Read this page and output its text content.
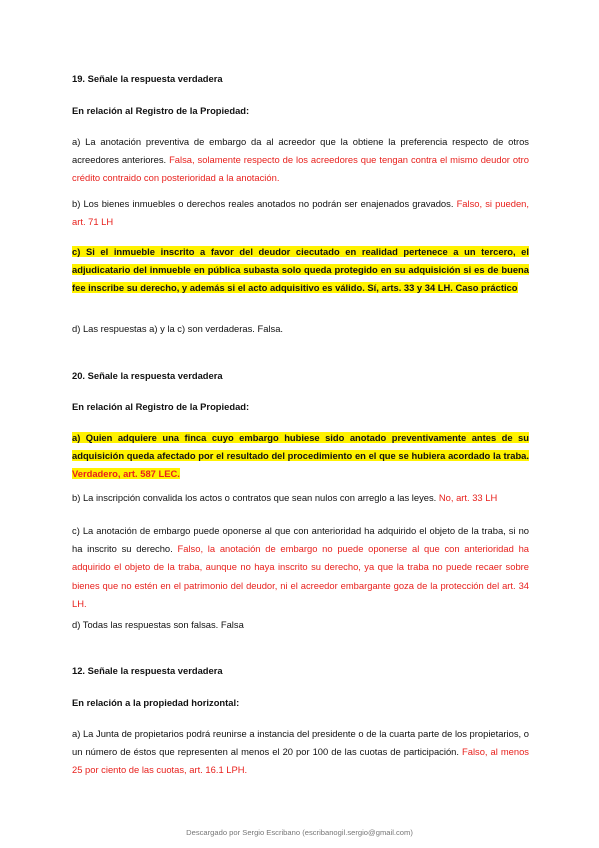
19. Señale la respuesta verdadera

En relación al Registro de la Propiedad:

a) La anotación preventiva de embargo da al acreedor que la obtiene la preferencia respecto de otros acreedores anteriores. Falsa, solamente respecto de los acreedores que tengan contra el mismo deudor otro crédito contraido con posterioridad a la anotación.

b) Los bienes inmuebles o derechos reales anotados no podrán ser enajenados gravados. Falso, si pueden, art. 71 LH

c) Si el inmueble inscrito a favor del deudor ciecutado en realidad pertenece a un tercero, el adjudicatario del inmueble en pública subasta solo queda protegido en su adquisición si es de buena fee inscribe su derecho, y además si el acto adquisitivo es válido. Sí, arts. 33 y 34 LH. Caso práctico

d) Las respuestas a) y la c) son verdaderas. Falsa.

20. Señale la respuesta verdadera

En relación al Registro de la Propiedad:

a) Quien adquiere una finca cuyo embargo hubiese sido anotado preventivamente antes de su adquisición queda afectado por el resultado del procedimiento en el que se hubiera acordado la traba. Verdadero, art. 587 LEC.

b) La inscripción convalida los actos o contratos que sean nulos con arreglo a las leyes. No, art. 33 LH

c) La anotación de embargo puede oponerse al que con anterioridad ha adquirido el objeto de la traba, si no ha inscrito su derecho. Falso, la anotación de embargo no puede oponerse al que con anterioridad ha adquirido el objeto de la traba, aunque no haya inscrito su derecho, ya que la traba no puede recaer sobre bienes que no estén en el patrimonio del deudor, ni el acreedor embargante goza de la protección del art. 34 LH.

d) Todas las respuestas son falsas. Falsa

12. Señale la respuesta verdadera

En relación a la propiedad horizontal:

a) La Junta de propietarios podrá reunirse a instancia del presidente o de la cuarta parte de los propietarios, o un número de éstos que representen al menos el 20 por 100 de las cuotas de participación. Falso, al menos 25 por ciento de las cuotas, art. 16.1 LPH.

Descargado por Sergio Escribano (escribanogil.sergio@gmail.com)
